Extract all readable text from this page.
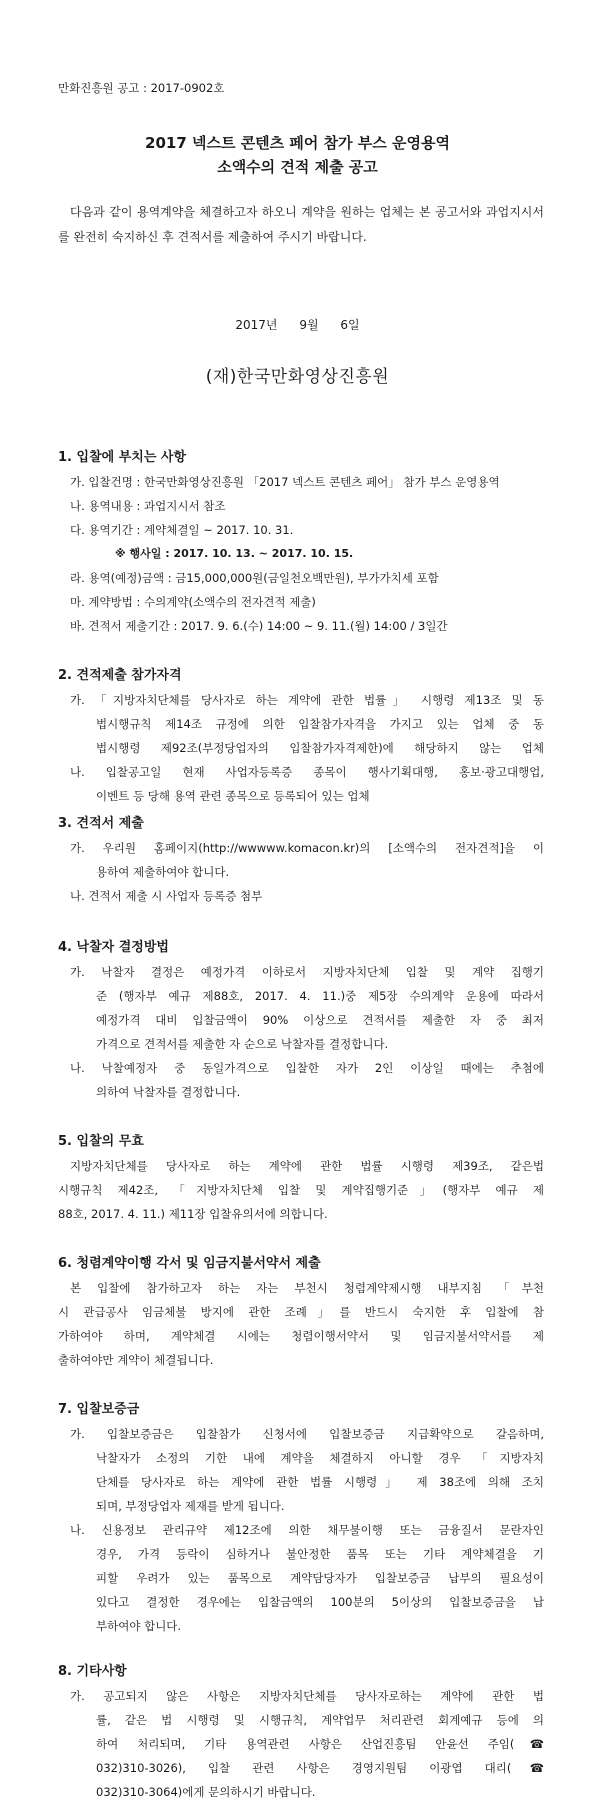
만화진흥원 공고 : 2017-0902호
2017 넥스트 콘텐츠 페어 참가 부스 운영용역
소액수의 견적 제출 공고

다음과 같이 용역계약을 체결하고자 하오니 계약을 원하는 업체는 본 공고서와 과업지시서를 완전히 숙지하신 후 견적서를 제출하여 주시기 바랍니다.

2017년 9월 6일
(재)한국만화영상진흥원
1. 입찰에 부치는 사항
가. 입찰건명 : 한국만화영상진흥원 「2017 넥스트 콘텐츠 페어」 참가 부스 운영용역
나. 용역내용 : 과업지시서 참조
다. 용역기간 : 계약체결일 ~ 2017. 10. 31.
※ 행사일 : 2017. 10. 13. ~ 2017. 10. 15.
라. 용역(예정)금액 : 금15,000,000원(금일천오백만원), 부가가치세 포함
마. 계약방법 : 수의계약(소액수의 전자견적 제출)
바. 견적서 제출기간 : 2017. 9. 6.(수) 14:00 ~ 9. 11.(월) 14:00 / 3일간
2. 견적제출 참가자격
가. 「지방자치단체를 당사자로 하는 계약에 관한 법률」 시행령 제13조 및 동
법시행규칙 제14조 규정에 의한 입찰참가자격을 가지고 있는 업체 중 동
법시행령 제92조(부정당업자의 입찰참가자격제한)에 해당하지 않는 업체
나. 입찰공고일 현재 사업자등록증 종목이 행사기획대행, 홍보·광고대행업,
이벤트 등 당해 용역 관련 종목으로 등록되어 있는 업체
3. 견적서 제출
가. 우리원 홈페이지(http://wwwww.komacon.kr)의 [소액수의 전자견적]을 이
용하여 제출하여야 합니다.
나. 견적서 제출 시 사업자 등록증 첨부
4. 낙찰자 결정방법
가. 낙찰자 결정은 예정가격 이하로서 지방자치단체 입찰 및 계약 집행기
준 (행자부 예규 제88호, 2017. 4. 11.)중 제5장 수의계약 운용에 따라서
예정가격 대비 입찰금액이 90% 이상으로 견적서를 제출한 자 중 최저
가격으로 견적서를 제출한 자 순으로 낙찰자를 결정합니다.
나. 낙찰예정자 중 동일가격으로 입찰한 자가 2인 이상일 때에는 추첨에
의하여 낙찰자를 결정합니다.
5. 입찰의 무효
지방자치단체를 당사자로 하는 계약에 관한 법률 시행령 제39조, 같은법
시행규칙 제42조, 「지방자치단체 입찰 및 계약집행기준」(행자부 예규 제
88호, 2017. 4. 11.) 제11장 입찰유의서에 의합니다.
6. 청렴계약이행 각서 및 임금지불서약서 제출
본 입찰에 참가하고자 하는 자는 부천시 청렴계약제시행 내부지침 「부천
시 관급공사 임금체불 방지에 관한 조례」를 반드시 숙지한 후 입찰에 참
가하여야 하며, 계약체결 시에는 청렴이행서약서 및 임금지불서약서를 제
출하여야만 계약이 체결됩니다.
7. 입찰보증금
가. 입찰보증금은 입찰참가 신청서에 입찰보증금 지급확약으로 갈음하며,
낙찰자가 소정의 기한 내에 계약을 체결하지 아니할 경우 「지방자치
단체를 당사자로 하는 계약에 관한 법률 시행령」 제 38조에 의해 조치
되며, 부정당업자 제재를 받게 됩니다.
나. 신용정보 관리규약 제12조에 의한 채무불이행 또는 금융질서 문란자인
경우, 가격 등락이 심하거나 불안정한 품목 또는 기타 계약체결을 기
피할 우려가 있는 품목으로 계약담당자가 입찰보증금 납부의 필요성이
있다고 결정한 경우에는 입찰금액의 100분의 5이상의 입찰보증금을 납
부하여야 합니다.
8. 기타사항
가. 공고되지 않은 사항은 지방자치단체를 당사자로하는 계약에 관한 법
률, 같은 법 시행령 및 시행규칙, 계약업무 처리관련 회계예규 등에 의
하여 처리되며, 기타 용역관련 사항은 산업진흥팀 안윤선 주임(☎
032)310-3026), 입찰 관련 사항은 경영지원팀 이광엽 대리(☎
032)310-3064)에게 문의하시기 바랍니다.
